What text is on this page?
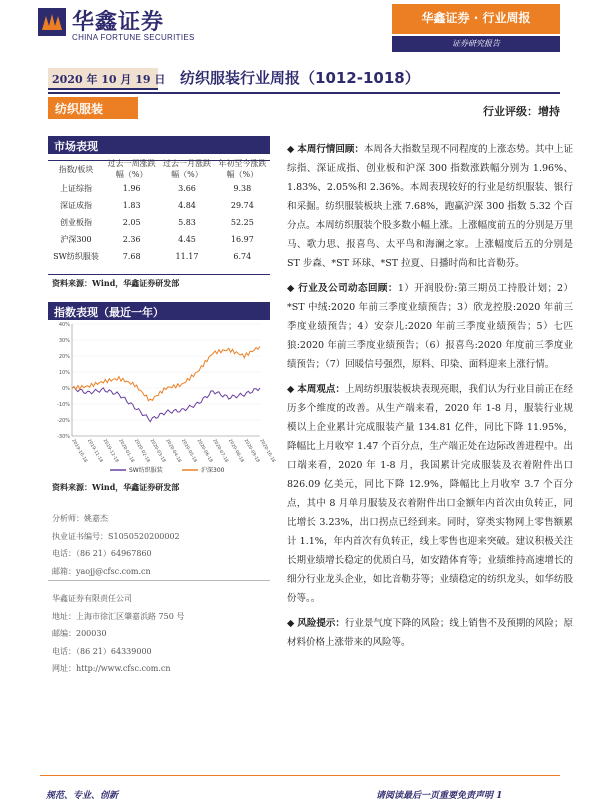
华鑫证券
CHINA FORTUNE SECURITIES
华鑫证券 · 行业周报
证券研究报告
2020 年 10 月 19 日 纺织服装行业周报（1012-1018）
纺织服装	行业评级：增持
市场表现
指数/板块	过去一周涨跌幅（%）	过去一月涨跌幅（%）	年初至今涨跌幅（%）
上证综指	1.96	3.66	9.38
深证成指	1.83	4.84	29.74
创业板指	2.05	5.83	52.25
沪深300	2.36	4.45	16.97
SW纺织服装	7.68	11.17	6.74
资料来源：Wind，华鑫证券研发部
指数表现（最近一年）
-30%
-20%
-10%
0%
10%
20%
30%
40%
2019-10-18
2019-11-18
2019-12-18
2020-01-18
2020-02-18
2020-03-18
2020-04-18
2020-05-18
2020-06-18
2020-07-18
2020-08-18
2020-09-18
2020-10-18
SW纺织服装	沪深300
资料来源：Wind，华鑫证券研发部
分析师：姚嘉杰
执业证书编号：S1050520200002
电话：（86 21）64967860
邮箱：yaojj@cfsc.com.cn
华鑫证券有限责任公司
地址：上海市徐汇区肇嘉浜路 750 号
邮编：200030
电话：（86 21）64339000
网址：http://www.cfsc.com.cn

◆ 本周行情回顾：本周各大指数呈现不同程度的上涨态势。其中上证综指、深证成指、创业板和沪深 300 指数涨跌幅分别为 1.96%、1.83%、2.05%和 2.36%。本周表现较好的行业是纺织服装、银行和采掘。纺织服装板块上涨 7.68%，跑赢沪深 300 指数 5.32 个百分点。本周纺织服装个股多数小幅上涨。上涨幅度前五的分别是万里马、歌力思、报喜鸟、太平鸟和海澜之家。上涨幅度后五的分别是 ST 步森、*ST 环球、*ST 拉夏、日播时尚和比音勒芬。

◆ 行业及公司动态回顾：1）开润股份:第三期员工持股计划；2）*ST 中绒:2020 年前三季度业绩预告；3）欣龙控股:2020 年前三季度业绩预告；4）安奈儿:2020 年前三季度业绩预告；5）七匹狼:2020 年前三季度业绩预告；（6）报喜鸟:2020 年度前三季度业绩预告；（7）回暖信号强烈，原料、印染、面料迎来上涨行情。

◆ 本周观点：上周纺织服装板块表现亮眼，我们认为行业目前正在经历多个维度的改善。从生产端来看，2020 年 1-8 月，服装行业规模以上企业累计完成服装产量 134.81 亿件，同比下降 11.95%，降幅比上月收窄 1.47 个百分点，生产端正处在边际改善进程中。出口端来看，2020 年 1-8 月，我国累计完成服装及衣着附件出口 826.09 亿美元，同比下降 12.9%，降幅比上月收窄 3.7 个百分点，其中 8 月单月服装及衣着附件出口金额年内首次由负转正，同比增长 3.23%，出口拐点已经到来。同时，穿类实物网上零售额累计 1.1%，年内首次有负转正，线上零售也迎来突破。建议积极关注长期业绩增长稳定的优质白马，如安踏体育等；业绩维持高速增长的细分行业龙头企业，如比音勒芬等；业绩稳定的纺织龙头，如华纺股份等。。

◆ 风险提示：行业景气度下降的风险；线上销售不及预期的风险；原材料价格上涨带来的风险等。

规范、专业、创新	请阅读最后一页重要免责声明 1
